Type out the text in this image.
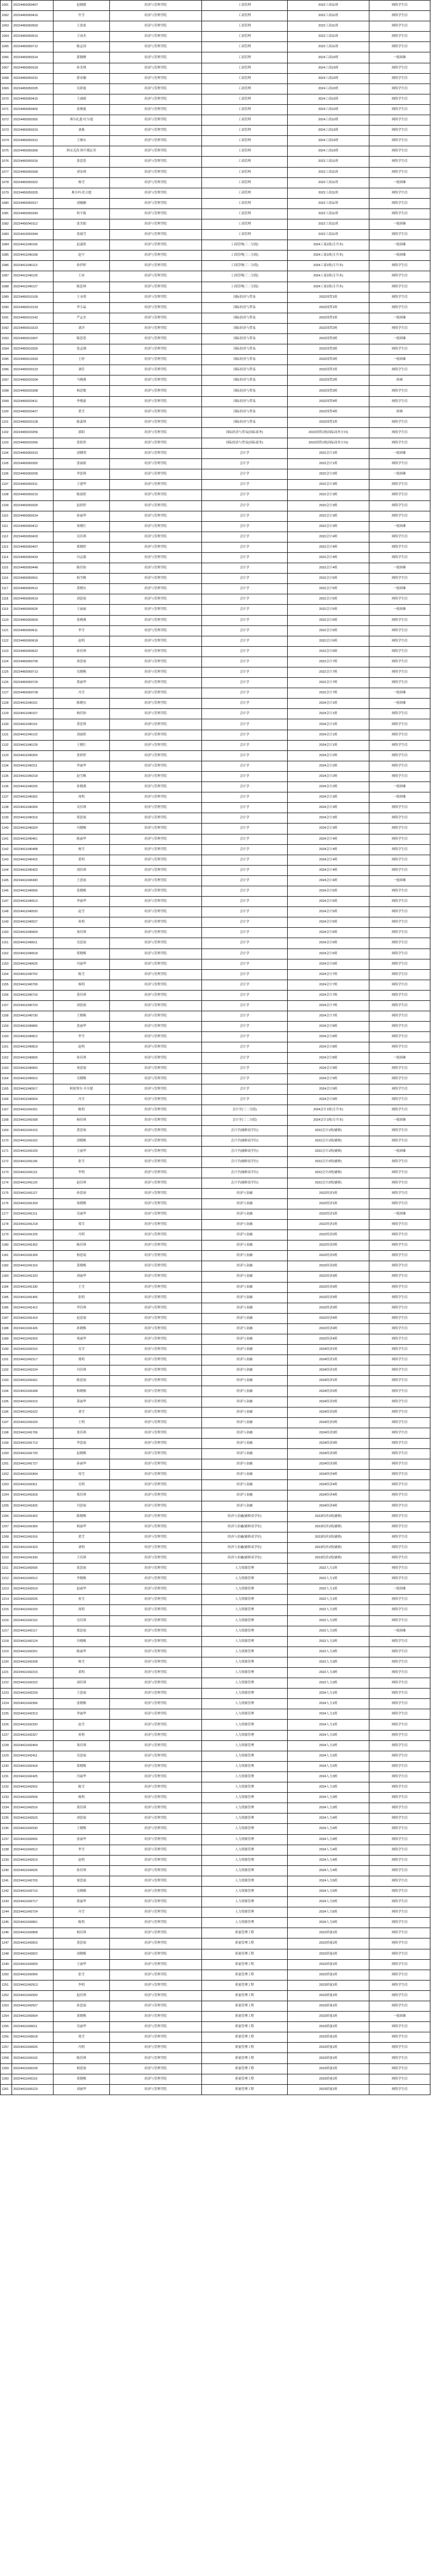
1061	20224450060407	赵晓媛	经济与管理学院	工商管理	2022工商11班	网络学生信
1062	20224450060416	许雪	经济与管理学院	工商管理	2022工商11班	网络学生信
1063	20224450060503	王盈盈	经济与管理学院	工商管理	2022工商11班	网络学生信
1064	20224450060510	王冰杰	经济与管理学院	工商管理	2022工商11班	网络学生信
1065	20224450060712	陈志国	经济与管理学院	工商管理	2022工商11班	网络学生信
1066	20224450050314	郭晓峰	经济与管理学院	工商管理	2024工商10班	一般困难
1067	20224450050318	孙美琪	经济与管理学院	工商管理	2024工商10班	网络学生信
1068	20224450050231	郭安楠	经济与管理学院	工商管理	2024工商10班	网络学生信
1069	20224450050325	吴彩霞	经济与管理学院	工商管理	2024工商10班	网络学生信
1070	20224450050415	王雨晴	经济与管理学院	工商管理	2024工商10班	网络学生信
1071	20224450050402	张俊霞	经济与管理学院	工商管理	2024工商10班	网络学生信
1072	20224450050302	赛尔扎提·吐尔逊	经济与管理学院	工商管理	2024工商10班	网络学生信
1073	20224450050319	刘燕	经济与管理学院	工商管理	2024工商10班	网络学生信
1074	20224450050312	王继东	经济与管理学院	工商管理	2024工商10班	网络学生信
1075	20224450050305	阿衣克孜·阿不都瓦里	经济与管理学院	工商管理	2024工商10班	网络学生信
1076	20224450050316	张思思	经济与管理学院	工商管理	2022工商11班	网络学生信
1077	20224450050309	刘安琪	经济与管理学院	工商管理	2022工商11班	网络学生信
1078	20224450050322	杨雪	经济与管理学院	工商管理	2022工商11班	一般困难
1079	20224450050325	奥尔玛·托合提	经济与管理学院	工商管理	2022工商11班	网络学生信
1080	20224450050317	刘楠楠	经济与管理学院	工商管理	2022工商11班	网络学生信
1081	20224450050343	何宇航	经济与管理学院	工商管理	2022工商11班	网络学生信
1082	20224450040112	张美娟	经济与管理学院	工商管理	2022工商11班	一般困难
1083	20224410050344	张瑞雪	经济与管理学院	工商管理	2022工商11班	网络学生信
1084	20224411040106	赵嘉欣	经济与管理学院	工商管理(三二分段)	2024工商1班(专升本)	一般困难
1085	20224411040108	赵宇	经济与管理学院	工商管理(三二分段)	2024工商1班(专升本)	一般困难
1086	20224411040113	孙伊婷	经济与管理学院	工商管理(三二分段)	2024工商1班(专升本)	网络学生信
1087	20224411040125	王冰	经济与管理学院	工商管理(三二分段)	2024工商1班(专升本)	网络学生信
1088	20224411040127	陈思琪	经济与管理学院	工商管理(三二分段)	2024工商1班(专升本)	网络学生信
1089	20224450010105	王永明	经济与管理学院	国际经济与贸易	2022国贸1班	网络学生信
1090	20224450010133	李小晶	经济与管理学院	国际经济与贸易	2022国贸1班	网络学生信
1091	20224450010142	严志杰	经济与管理学院	国际经济与贸易	2022国贸1班	一般困难
1092	20224450010223	刘洋	经济与管理学院	国际经济与贸易	2022国贸2班	网络学生信
1093	20224450010307	陈思思	经济与管理学院	国际经济与贸易	2022国贸3班	一般困难
1094	20224450010325	张志刚	经济与管理学院	国际经济与贸易	2022国贸3班	网络学生信
1095	20224450010333	王婷	经济与管理学院	国际经济与贸易	2022国贸3班	一般困难
1096	20224450020123	刘佳	经济与管理学院	国际经济与贸易	2022国贸1班	网络学生信
1097	20224450020204	马晓燕	经济与管理学院	国际经济与贸易	2022国贸2班	困难
1098	20224450020308	杨思敏	经济与管理学院	国际经济与贸易	2022国贸3班	网络学生信
1099	20224450020411	李俊豪	经济与管理学院	国际经济与贸易	2022国贸4班	网络学生信
1100	20224450020427	黄雪	经济与管理学院	国际经济与贸易	2022国贸4班	困难
1101	20224450020128	陈嘉琪	经济与管理学院	国际经济与贸易	2022国贸1班	网络学生信
1102	20224450020256	郭阳	经济与管理学院	国际经济与贸易(国际商务)	2023国贸1班(国际商务方向)	网络学生信
1103	20224450020266	张欣然	经济与管理学院	国际经济与贸易(国际商务)	2023国贸1班(国际商务方向)	网络学生信
1104	20224450060310	刘晓明	经济与管理学院	会计学	2022会计1班	一般困难
1105	20224450060302	张丽娟	经济与管理学院	会计学	2022会计1班	网络学生信
1106	20224450060205	李思琪	经济与管理学院	会计学	2022会计2班	一般困难
1107	20224450060311	王建华	经济与管理学院	会计学	2022会计3班	网络学生信
1108	20224450060210	陈雨欣	经济与管理学院	会计学	2022会计3班	网络学生信
1109	20224450060326	赵婷婷	经济与管理学院	会计学	2022会计3班	网络学生信
1110	20224450060314	孙丽华	经济与管理学院	会计学	2022会计3班	网络学生信
1111	20224450060412	周晓红	经济与管理学院	会计学	2022会计3班	一般困难
1112	20224450060420	吴佳琪	经济与管理学院	会计学	2022会计4班	网络学生信
1113	20224450060407	郑晓婷	经济与管理学院	会计学	2022会计4班	网络学生信
1114	20224450060433	冯志强	经济与管理学院	会计学	2022会计4班	网络学生信
1115	20224450060448	陈佳怡	经济与管理学院	会计学	2022会计4班	一般困难
1116	20224450060501	杨雪梅	经济与管理学院	会计学	2022会计5班	网络学生信
1117	20224450060512	黄晓东	经济与管理学院	会计学	2022会计5班	一般困难
1118	20224450060519	刘思雨	经济与管理学院	会计学	2022会计5班	网络学生信
1119	20224450060526	王丽丽	经济与管理学院	会计学	2022会计5班	一般困难
1120	20224450060603	张晓燕	经济与管理学院	会计学	2022会计6班	网络学生信
1121	20224450060611	李雪	经济与管理学院	会计学	2022会计6班	网络学生信
1122	20224450060618	赵明	经济与管理学院	会计学	2022会计6班	网络学生信
1123	20224450060622	孙佳琪	经济与管理学院	会计学	2022会计6班	网络学生信
1124	20224450060705	周思雨	经济与管理学院	会计学	2022会计7班	网络学生信
1125	20224450060713	吴晓梅	经济与管理学院	会计学	2022会计7班	网络学生信
1126	20224450060720	郑丽华	经济与管理学院	会计学	2022会计7班	网络学生信
1127	20224450060728	冯雪	经济与管理学院	会计学	2022会计7班	一般困难
1128	20224411040101	陈晓东	经济与管理学院	会计学	2024会计1班	一般困难
1129	20224411040107	杨佳怡	经济与管理学院	会计学	2024会计1班	网络学生信
1130	20224411040115	黄思琪	经济与管理学院	会计学	2024会计1班	网络学生信
1131	20224411040122	刘雨欣	经济与管理学院	会计学	2024会计1班	网络学生信
1132	20224411040129	王晓红	经济与管理学院	会计学	2024会计1班	网络学生信
1133	20224411040203	张婷婷	经济与管理学院	会计学	2024会计2班	网络学生信
1134	20224411040211	李丽华	经济与管理学院	会计学	2024会计2班	网络学生信
1135	20224411040218	赵雪梅	经济与管理学院	会计学	2024会计2班	网络学生信
1136	20224411040225	孙晓燕	经济与管理学院	会计学	2024会计2班	一般困难
1137	20224411040302	周明	经济与管理学院	会计学	2024会计3班	一般困难
1138	20224411040309	吴佳琪	经济与管理学院	会计学	2024会计3班	网络学生信
1139	20224411040316	郑思雨	经济与管理学院	会计学	2024会计3班	网络学生信
1140	20224411040324	冯晓梅	经济与管理学院	会计学	2024会计3班	网络学生信
1141	20224411040401	陈丽华	经济与管理学院	会计学	2024会计4班	网络学生信
1142	20224411040408	杨雪	经济与管理学院	会计学	2024会计4班	网络学生信
1143	20224411040415	黄明	经济与管理学院	会计学	2024会计4班	网络学生信
1144	20224411040423	刘佳琪	经济与管理学院	会计学	2024会计4班	网络学生信
1145	20224411040430	王思雨	经济与管理学院	会计学	2024会计4班	一般困难
1146	20224411040506	张晓梅	经济与管理学院	会计学	2024会计5班	网络学生信
1147	20224411040513	李丽华	经济与管理学院	会计学	2024会计5班	网络学生信
1148	20224411040520	赵雪	经济与管理学院	会计学	2024会计5班	网络学生信
1149	20224411040527	孙明	经济与管理学院	会计学	2024会计5班	网络学生信
1150	20224411040604	周佳琪	经济与管理学院	会计学	2024会计6班	网络学生信
1151	20224411040611	吴思雨	经济与管理学院	会计学	2024会计6班	网络学生信
1152	20224411040618	郑晓梅	经济与管理学院	会计学	2024会计6班	网络学生信
1153	20224411040625	冯丽华	经济与管理学院	会计学	2024会计6班	网络学生信
1154	20224411040702	陈雪	经济与管理学院	会计学	2024会计7班	网络学生信
1155	20224411040709	杨明	经济与管理学院	会计学	2024会计7班	网络学生信
1156	20224411040716	黄佳琪	经济与管理学院	会计学	2024会计7班	网络学生信
1157	20224411040723	刘思雨	经济与管理学院	会计学	2024会计7班	网络学生信
1158	20224411040730	王晓梅	经济与管理学院	会计学	2024会计7班	网络学生信
1159	20224411040805	张丽华	经济与管理学院	会计学	2024会计8班	网络学生信
1160	20224411040812	李雪	经济与管理学院	会计学	2024会计8班	网络学生信
1161	20224411040819	赵明	经济与管理学院	会计学	2024会计8班	网络学生信
1162	20224411040826	孙佳琪	经济与管理学院	会计学	2024会计8班	一般困难
1163	20224411040903	周思雨	经济与管理学院	会计学	2024会计9班	网络学生信
1164	20224411040910	吴晓梅	经济与管理学院	会计学	2024会计9班	网络学生信
1165	20224411040917	阿依努尔·买买提	经济与管理学院	会计学	2024会计9班	网络学生信
1166	20224411040924	冯雪	经济与管理学院	会计学	2024会计9班	网络学生信
1167	20224411041001	陈明	经济与管理学院	会计学(三二分段)	2024会计1班(专升本)	网络学生信
1168	20224411041008	杨佳琪	经济与管理学院	会计学(三二分段)	2024会计1班(专升本)	一般困难
1169	20224411041015	黄思雨	经济与管理学院	会计学(辅修双学位)	2022会计1班(辅修)	网络学生信
1170	20224411041022	刘晓梅	经济与管理学院	会计学(辅修双学位)	2022会计1班(辅修)	网络学生信
1171	20224411041029	王丽华	经济与管理学院	会计学(辅修双学位)	2022会计1班(辅修)	一般困难
1172	20224411041106	张雪	经济与管理学院	会计学(辅修双学位)	2022会计2班(辅修)	网络学生信
1173	20224411041113	李明	经济与管理学院	会计学(辅修双学位)	2022会计2班(辅修)	网络学生信
1174	20224411041120	赵佳琪	经济与管理学院	会计学(辅修双学位)	2022会计2班(辅修)	网络学生信
1175	20224411041127	孙思雨	经济与管理学院	经济与金融	2022经济1班	网络学生信
1176	20224411041204	周晓梅	经济与管理学院	经济与金融	2022经济1班	网络学生信
1177	20224411041211	吴丽华	经济与管理学院	经济与金融	2022经济1班	一般困难
1178	20224411041218	郑雪	经济与管理学院	经济与金融	2022经济1班	网络学生信
1179	20224411041225	冯明	经济与管理学院	经济与金融	2022经济2班	网络学生信
1180	20224411041302	陈佳琪	经济与管理学院	经济与金融	2022经济2班	网络学生信
1181	20224411041309	杨思雨	经济与管理学院	经济与金融	2022经济2班	网络学生信
1182	20224411041316	黄晓梅	经济与管理学院	经济与金融	2022经济2班	网络学生信
1183	20224411041323	刘丽华	经济与管理学院	经济与金融	2022经济3班	网络学生信
1184	20224411041330	王雪	经济与管理学院	经济与金融	2022经济3班	网络学生信
1185	20224411041405	张明	经济与管理学院	经济与金融	2022经济3班	网络学生信
1186	20224411041412	李佳琪	经济与管理学院	经济与金融	2022经济3班	网络学生信
1187	20224411041419	赵思雨	经济与管理学院	经济与金融	2022经济4班	网络学生信
1188	20224411041426	孙晓梅	经济与管理学院	经济与金融	2022经济4班	网络学生信
1189	20224411041503	周丽华	经济与管理学院	经济与金融	2022经济4班	网络学生信
1190	20224411041510	吴雪	经济与管理学院	经济与金融	2024经济1班	网络学生信
1191	20224411041517	郑明	经济与管理学院	经济与金融	2024经济1班	网络学生信
1192	20224411041524	冯佳琪	经济与管理学院	经济与金融	2024经济1班	网络学生信
1193	20224411041601	陈思雨	经济与管理学院	经济与金融	2024经济1班	网络学生信
1194	20224411041608	杨晓梅	经济与管理学院	经济与金融	2024经济2班	网络学生信
1195	20224411041615	黄丽华	经济与管理学院	经济与金融	2024经济2班	网络学生信
1196	20224411041622	刘雪	经济与管理学院	经济与金融	2024经济2班	网络学生信
1197	20224411041629	王明	经济与管理学院	经济与金融	2024经济2班	网络学生信
1198	20224411041706	张佳琪	经济与管理学院	经济与金融	2024经济3班	网络学生信
1199	20224411041713	李思雨	经济与管理学院	经济与金融	2024经济3班	网络学生信
1200	20224411041720	赵晓梅	经济与管理学院	经济与金融	2024经济3班	网络学生信
1201	20224411041727	孙丽华	经济与管理学院	经济与金融	2024经济3班	网络学生信
1202	20224411041804	周雪	经济与管理学院	经济与金融	2024经济4班	网络学生信
1203	20224411041811	吴明	经济与管理学院	经济与金融	2024经济4班	网络学生信
1204	20224411041818	郑佳琪	经济与管理学院	经济与金融	2024经济4班	网络学生信
1205	20224411041825	冯思雨	经济与管理学院	经济与金融	2024经济4班	网络学生信
1206	20224411041902	陈晓梅	经济与管理学院	经济与金融(辅修双学位)	2023经济1班(辅修)	网络学生信
1207	20224411041909	杨丽华	经济与管理学院	经济与金融(辅修双学位)	2023经济1班(辅修)	网络学生信
1208	20224411041916	黄雪	经济与管理学院	经济与金融(辅修双学位)	2023经济1班(辅修)	网络学生信
1209	20224411041923	刘明	经济与管理学院	经济与金融(辅修双学位)	2023经济1班(辅修)	网络学生信
1210	20224411041930	王佳琪	经济与管理学院	经济与金融(辅修双学位)	2023经济1班(辅修)	网络学生信
1211	20224411042005	张思雨	经济与管理学院	人力资源管理	2022人力1班	网络学生信
1212	20224411042012	李晓梅	经济与管理学院	人力资源管理	2022人力1班	网络学生信
1213	20224411042019	赵丽华	经济与管理学院	人力资源管理	2022人力1班	一般困难
1214	20224411042026	孙雪	经济与管理学院	人力资源管理	2022人力1班	网络学生信
1215	20224411042103	周明	经济与管理学院	人力资源管理	2022人力2班	网络学生信
1216	20224411042110	吴佳琪	经济与管理学院	人力资源管理	2022人力2班	网络学生信
1217	20224411042117	郑思雨	经济与管理学院	人力资源管理	2022人力2班	一般困难
1218	20224411042124	冯晓梅	经济与管理学院	人力资源管理	2022人力2班	网络学生信
1219	20224411042201	陈丽华	经济与管理学院	人力资源管理	2022人力3班	网络学生信
1220	20224411042208	杨雪	经济与管理学院	人力资源管理	2022人力3班	网络学生信
1221	20224411042215	黄明	经济与管理学院	人力资源管理	2022人力3班	网络学生信
1222	20224411042222	刘佳琪	经济与管理学院	人力资源管理	2022人力3班	网络学生信
1223	20224411042229	王思雨	经济与管理学院	人力资源管理	2024人力1班	网络学生信
1224	20224411042306	张晓梅	经济与管理学院	人力资源管理	2024人力1班	网络学生信
1225	20224411042313	李丽华	经济与管理学院	人力资源管理	2024人力1班	网络学生信
1226	20224411042320	赵雪	经济与管理学院	人力资源管理	2024人力1班	网络学生信
1227	20224411042327	孙明	经济与管理学院	人力资源管理	2024人力2班	网络学生信
1228	20224411042404	周佳琪	经济与管理学院	人力资源管理	2024人力2班	网络学生信
1229	20224411042411	吴思雨	经济与管理学院	人力资源管理	2024人力2班	网络学生信
1230	20224411042418	郑晓梅	经济与管理学院	人力资源管理	2024人力2班	网络学生信
1231	20224411042425	冯丽华	经济与管理学院	人力资源管理	2024人力3班	网络学生信
1232	20224411042502	陈雪	经济与管理学院	人力资源管理	2024人力3班	网络学生信
1233	20224411042509	杨明	经济与管理学院	人力资源管理	2024人力3班	网络学生信
1234	20224411042516	黄佳琪	经济与管理学院	人力资源管理	2024人力3班	网络学生信
1235	20224411042523	刘思雨	经济与管理学院	人力资源管理	2024人力4班	网络学生信
1236	20224411042530	王晓梅	经济与管理学院	人力资源管理	2024人力4班	网络学生信
1237	20224411042605	张丽华	经济与管理学院	人力资源管理	2024人力4班	网络学生信
1238	20224411042612	李雪	经济与管理学院	人力资源管理	2024人力4班	网络学生信
1239	20224411042619	赵明	经济与管理学院	人力资源管理	2024人力4班	网络学生信
1240	20224411042626	孙佳琪	经济与管理学院	人力资源管理	2024人力4班	网络学生信
1241	20224411042703	周思雨	经济与管理学院	人力资源管理	2024人力5班	网络学生信
1242	20224411042710	吴晓梅	经济与管理学院	人力资源管理	2024人力5班	网络学生信
1243	20224411042717	郑丽华	经济与管理学院	人力资源管理	2024人力5班	网络学生信
1244	20224411042724	冯雪	经济与管理学院	人力资源管理	2024人力5班	网络学生信
1245	20224411042801	陈明	经济与管理学院	人力资源管理	2024人力5班	网络学生信
1246	20224411042808	杨佳琪	经济与管理学院	质量管理工程	2022质量1班	网络学生信
1247	20224411042815	黄思雨	经济与管理学院	质量管理工程	2022质量1班	网络学生信
1248	20224411042822	刘晓梅	经济与管理学院	质量管理工程	2022质量1班	网络学生信
1249	20224411042829	王丽华	经济与管理学院	质量管理工程	2022质量1班	网络学生信
1250	20224411042906	张雪	经济与管理学院	质量管理工程	2022质量1班	网络学生信
1251	20224411042913	李明	经济与管理学院	质量管理工程	2023质量1班	网络学生信
1252	20224411042920	赵佳琪	经济与管理学院	质量管理工程	2023质量1班	网络学生信
1253	20224411042927	孙思雨	经济与管理学院	质量管理工程	2023质量1班	网络学生信
1254	20224411043004	周晓梅	经济与管理学院	质量管理工程	2023质量1班	一般困难
1255	20224411043011	吴丽华	经济与管理学院	质量管理工程	2023质量1班	网络学生信
1256	20224411043018	郑雪	经济与管理学院	质量管理工程	2023质量1班	网络学生信
1257	20224411043025	冯明	经济与管理学院	质量管理工程	2023质量1班	网络学生信
1258	20224411043102	陈佳琪	经济与管理学院	质量管理工程	2023质量1班	网络学生信
1259	20224411043109	杨思雨	经济与管理学院	质量管理工程	2023质量1班	网络学生信
1260	20224411043116	黄晓梅	经济与管理学院	质量管理工程	2023质量1班	网络学生信
1261	20224411043123	刘丽华	经济与管理学院	质量管理工程	2023质量1班	网络学生信
